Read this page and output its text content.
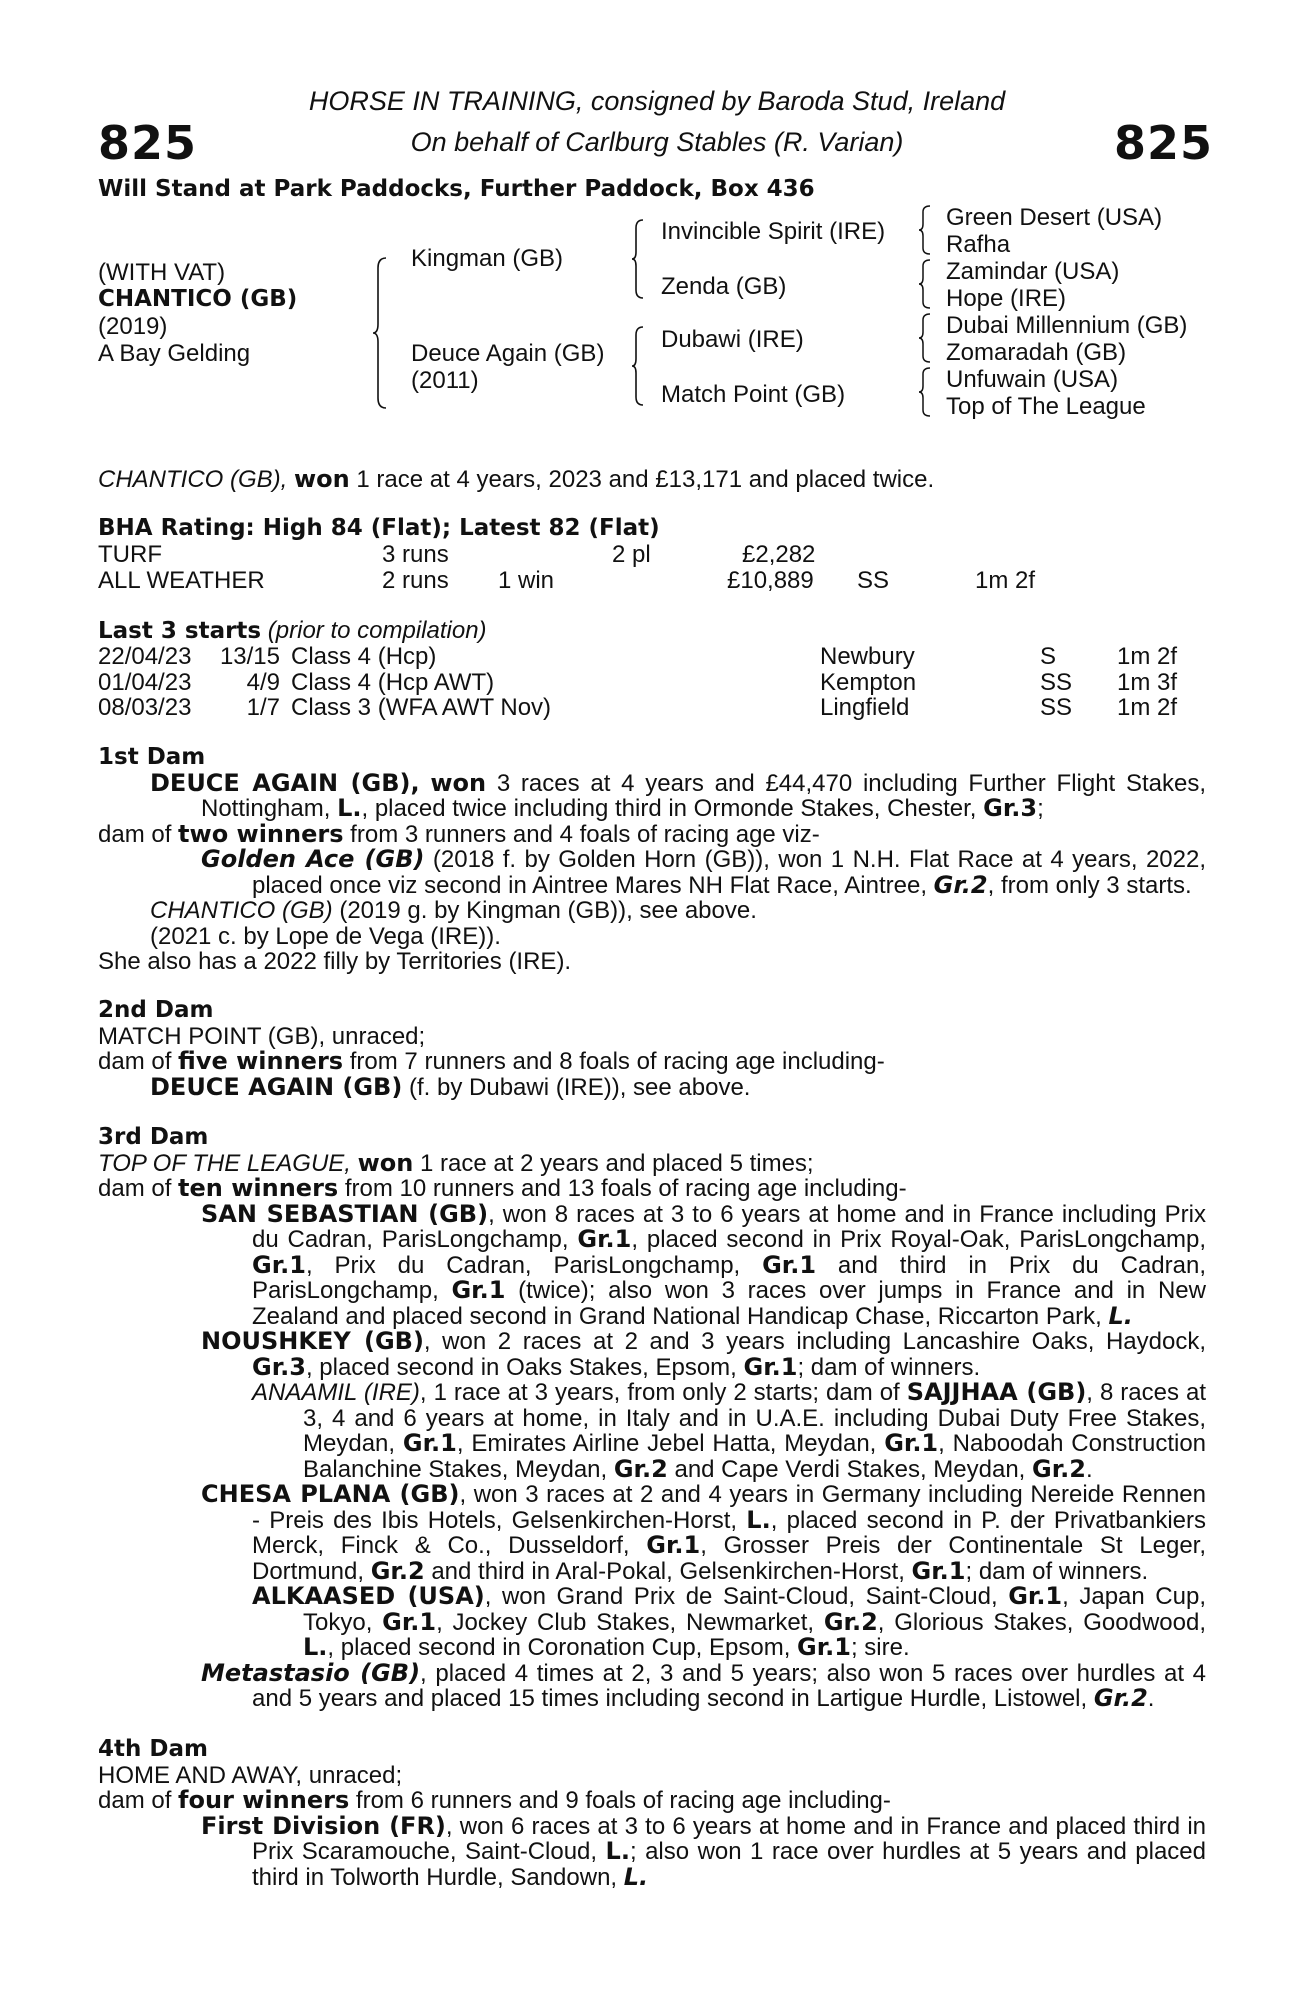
825	825
HORSE IN TRAINING, consigned by Baroda Stud, Ireland
On behalf of Carlburg Stables (R. Varian)
Will Stand at Park Paddocks, Further Paddock, Box 436
(WITH VAT)
CHANTICO (GB)
(2019)
A Bay Gelding
Kingman (GB)
Deuce Again (GB)
(2011)
Invincible Spirit (IRE)
Zenda (GB)
Dubawi (IRE)
Match Point (GB)
Green Desert (USA)
Rafha
Zamindar (USA)
Hope (IRE)
Dubai Millennium (GB)
Zomaradah (GB)
Unfuwain (USA)
Top of The League
CHANTICO (GB), won 1 race at 4 years, 2023 and £13,171 and placed twice.
BHA Rating: High 84 (Flat); Latest 82 (Flat)
TURF	3 runs	2 pl	£2,282
ALL WEATHER	2 runs 1 win	£10,889 SS	1m 2f
Last 3 starts (prior to compilation)
22/04/23	13/15 Class 4 (Hcp)	Newbury	S	1m 2f
01/04/23	4/9 Class 4 (Hcp AWT)	Kempton	SS 1m 3f
08/03/23	1/7 Class 3 (WFA AWT Nov)	Lingfield	SS 1m 2f

1st Dam

DEUCE AGAIN (GB), won 3 races at 4 years and £44,470 including Further Flight Stakes, Nottingham, L., placed twice including third in Ormonde Stakes, Chester, Gr.3;

dam of two winners from 3 runners and 4 foals of racing age viz-

Golden Ace (GB) (2018 f. by Golden Horn (GB)), won 1 N.H. Flat Race at 4 years, 2022, placed once viz second in Aintree Mares NH Flat Race, Aintree, Gr.2, from only 3 starts.

CHANTICO (GB) (2019 g. by Kingman (GB)), see above.

(2021 c. by Lope de Vega (IRE)).

She also has a 2022 filly by Territories (IRE).

2nd Dam

MATCH POINT (GB), unraced;

dam of five winners from 7 runners and 8 foals of racing age including-

DEUCE AGAIN (GB) (f. by Dubawi (IRE)), see above.

3rd Dam

TOP OF THE LEAGUE, won 1 race at 2 years and placed 5 times;

dam of ten winners from 10 runners and 13 foals of racing age including-

SAN SEBASTIAN (GB), won 8 races at 3 to 6 years at home and in France including Prix du Cadran, ParisLongchamp, Gr.1, placed second in Prix Royal-Oak, ParisLongchamp, Gr.1, Prix du Cadran, ParisLongchamp, Gr.1 and third in Prix du Cadran, ParisLongchamp, Gr.1 (twice); also won 3 races over jumps in France and in New Zealand and placed second in Grand National Handicap Chase, Riccarton Park, L.

NOUSHKEY (GB), won 2 races at 2 and 3 years including Lancashire Oaks, Haydock, Gr.3, placed second in Oaks Stakes, Epsom, Gr.1; dam of winners.

ANAAMIL (IRE), 1 race at 3 years, from only 2 starts; dam of SAJJHAA (GB), 8 races at 3, 4 and 6 years at home, in Italy and in U.A.E. including Dubai Duty Free Stakes, Meydan, Gr.1, Emirates Airline Jebel Hatta, Meydan, Gr.1, Naboodah Construction Balanchine Stakes, Meydan, Gr.2 and Cape Verdi Stakes, Meydan, Gr.2.

CHESA PLANA (GB), won 3 races at 2 and 4 years in Germany including Nereide Rennen - Preis des Ibis Hotels, Gelsenkirchen-Horst, L., placed second in P. der Privatbankiers Merck, Finck & Co., Dusseldorf, Gr.1, Grosser Preis der Continentale St Leger, Dortmund, Gr.2 and third in Aral-Pokal, Gelsenkirchen-Horst, Gr.1; dam of winners.

ALKAASED (USA), won Grand Prix de Saint-Cloud, Saint-Cloud, Gr.1, Japan Cup, Tokyo, Gr.1, Jockey Club Stakes, Newmarket, Gr.2, Glorious Stakes, Goodwood, L., placed second in Coronation Cup, Epsom, Gr.1; sire.

Metastasio (GB), placed 4 times at 2, 3 and 5 years; also won 5 races over hurdles at 4 and 5 years and placed 15 times including second in Lartigue Hurdle, Listowel, Gr.2.

4th Dam

HOME AND AWAY, unraced;

dam of four winners from 6 runners and 9 foals of racing age including-

First Division (FR), won 6 races at 3 to 6 years at home and in France and placed third in Prix Scaramouche, Saint-Cloud, L.; also won 1 race over hurdles at 5 years and placed third in Tolworth Hurdle, Sandown, L.
